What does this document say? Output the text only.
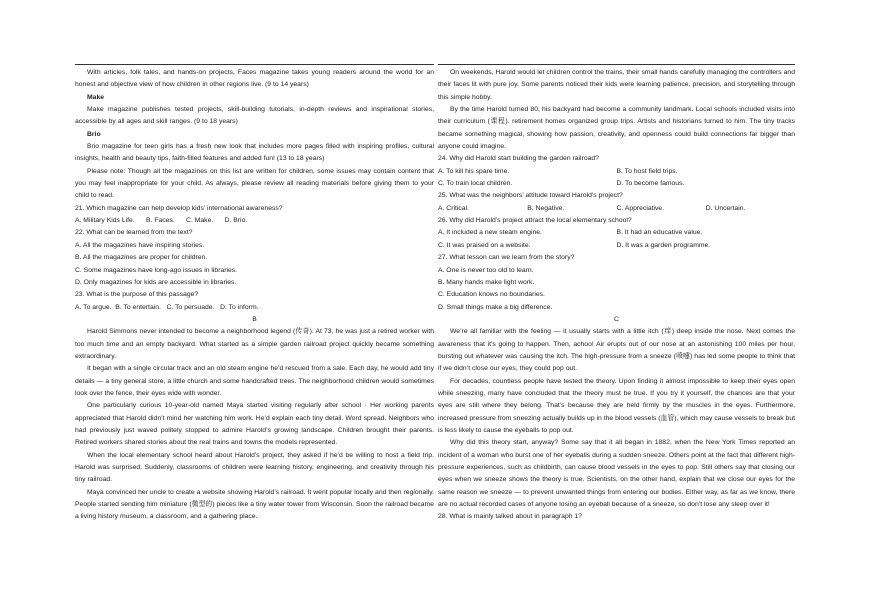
With articles, folk tales, and hands-on projects, Faces magazine takes young readers around the world for an honest and objective view of how children in other regions live. (9 to 14 years)

Make

Make magazine publishes tested projects, skill-building tutorials, in-depth reviews and inspirational stories, accessible by all ages and skill ranges. (9 to 18 years)

Brio

Brio magazine for teen girls has a fresh new look that includes more pages filled with inspiring profiles, cultural insights, health and beauty tips, faith-filled features and added fun! (13 to 18 years)

Please note: Though all the magazines on this list are written for children, some issues may contain content that you may feel inappropriate for your child. As always, please review all reading materials before giving them to your child to read.

21. Which magazine can help develop kids’ international awareness?

A. Military Kids Life.      B. Faces.      C. Make.      D. Brio.

22. What can be learned from the text?

A. All the magazines have inspiring stories.

B. All the magazines are proper for children.

C. Some magazines have long-ago issues in libraries.

D. Only magazines for kids are accessible in libraries.

23. What is the purpose of this passage?

A. To argue.  B. To entertain.   C. To persuade.   D. To inform.

B

Harold Simmons never intended to become a neighborhood legend (传奇). At 73, he was just a retired worker with too much time and an empty backyard. What started as a simple garden railroad project quickly became something extraordinary.

It began with a single circular track and an old steam engine he’d rescued from a sale. Each day, he would add tiny details — a tiny general store, a little church and some handcrafted trees. The neighborhood children would sometimes look over the fence, their eyes wide with wonder.

One particularly curious 10-year-old named Maya started visiting regularly after school · Her working parents appreciated that Harold didn’t mind her watching him work. He’d explain each tiny detail. Word spread. Neighbors who had previously just waved politely stopped to admire Harold’s growing landscape. Children brought their parents. Retired workers shared stories about the real trains and towns the models represented.

When the local elementary school heard about Harold’s project, they asked if he’d be willing to host a field trip. Harold was surprised. Suddenly, classrooms of children were learning history, engineering, and creativity through his tiny railroad.

Maya convinced her uncle to create a website showing Harold’s railroad. It went popular locally and then regionally. People started sending him miniature (微型的) pieces like a tiny water tower from Wisconsin. Soon the railroad became a living history museum, a classroom, and a gathering place.

On weekends, Harold would let children control the trains, their small hands carefully managing the controllers and their faces lit with pure joy. Some parents noticed their kids were learning patience, precision, and storytelling through this simple hobby.

By the time Harold turned 80, his backyard had become a community landmark. Local schools included visits into their curriculum (课程). retirement homes organized group trips. Artists and historians turned to him. The tiny tracks became something magical, showing how passion, creativity, and openness could build connections far bigger than anyone could imagine.

24. Why did Harold start building the garden railroad?

A. To kill his spare time.	B. To host field trips.
C. To train local children.	D. To become famous.

25. What was the neighbors’ attitude toward Harold’s project?

A. Critical.	B. Negative.	C. Appreciative.	D. Uncertain.

26. Why did Harold’s project attract the local elementary school?

A. It included a new steam engine.	B. It had an educative value.
C. It was praised on a website.	D. It was a garden programme.

27. What lesson can we learn from the story?

A. One is never too old to learn.

B. Many hands make light work.

C. Education knows no boundaries.

D. Small things make a big difference.

C

We’re all familiar with the feeling — it usually starts with a little itch (痒) deep inside the nose. Next comes the awareness that it’s going to happen. Then, achoo! Air erupts out of our nose at an astonishing 100 miles per hour, bursting out whatever was causing the itch. The high-pressure from a sneeze (喷嚏) has led some people to think that if we didn’t close our eyes, they could pop out.

For decades, countless people have tested the theory. Upon finding it almost impossible to keep their eyes open while sneezing, many have concluded that the theory must be true. If you try it yourself, the chances are that your eyes are still where they belong. That’s because they are held firmly by the muscles in the eyes. Furthermore, increased pressure from sneezing actually builds up in the blood vessels (血管), which may cause vessels to break but is less likely to cause the eyeballs to pop out.

Why did this theory start, anyway? Some say that it all began in 1882, when the New York Times reported an incident of a woman who burst one of her eyeballs during a sudden sneeze. Others point at the fact that different high-pressure experiences, such as childbirth, can cause blood vessels in the eyes to pop. Still others say that closing our eyes when we sneeze shows the theory is true. Scientists, on the other hand, explain that we close our eyes for the same reason we sneeze — to prevent unwanted things from entering our bodies. Either way, as far as we know, there are no actual recorded cases of anyone losing an eyeball because of a sneeze, so don’t lose any sleep over it!

28. What is mainly talked about in paragraph 1?
